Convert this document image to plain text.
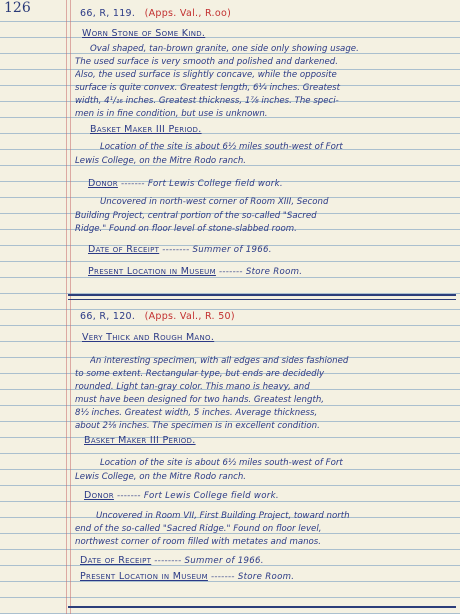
126	66, R, 119. (Apps. Val., R.oo)
Worn Stone of Some Kind.
Oval shaped, tan-brown granite, one side only showing usage.
The used surface is very smooth and polished and darkened.
Also, the used surface is slightly concave, while the opposite
surface is quite convex. Greatest length, 6¼ inches. Greatest
width, 4¹/₁₆ inches. Greatest thickness, 1⅞ inches. The speci-
men is in fine condition, but use is unknown.
Basket Maker III Period.
Location of the site is about 6½ miles south-west of Fort
Lewis College, on the Mitre Rodo ranch.
Donor ------- Fort Lewis College field work.
Uncovered in north-west corner of Room XIII, Second
Building Project, central portion of the so-called "Sacred
Ridge." Found on floor level of stone-slabbed room.
Date of Receipt -------- Summer of 1966.
Present Location in Museum ------- Store Room.
66, R, 120. (Apps. Val., R. 50)
Very Thick and Rough Mano.
An interesting specimen, with all edges and sides fashioned
to some extent. Rectangular type, but ends are decidedly
rounded. Light tan-gray color. This mano is heavy, and
must have been designed for two hands. Greatest length,
8½ inches. Greatest width, 5 inches. Average thickness,
about 2⅛ inches. The specimen is in excellent condition.
Basket Maker III Period.
Location of the site is about 6½ miles south-west of Fort
Lewis College, on the Mitre Rodo ranch.
Donor ------- Fort Lewis College field work.
Uncovered in Room VII, First Building Project, toward north
end of the so-called "Sacred Ridge." Found on floor level,
northwest corner of room filled with metates and manos.
Date of Receipt -------- Summer of 1966.
Present Location in Museum ------- Store Room.
